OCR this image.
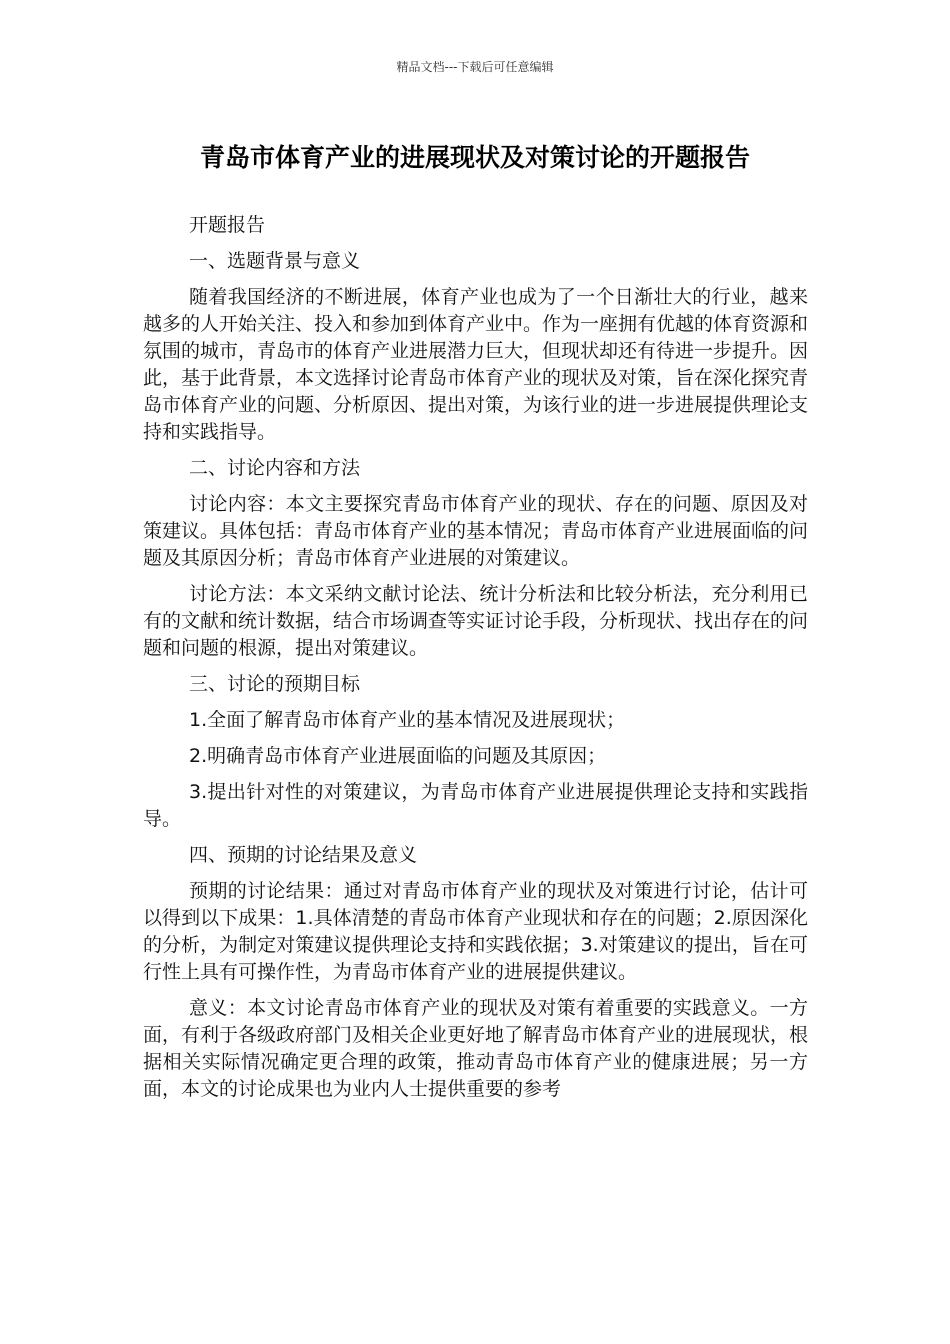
精品文档---下载后可任意编辑
青岛市体育产业的进展现状及对策讨论的开题报告

开题报告

一、选题背景与意义

随着我国经济的不断进展，体育产业也成为了一个日渐壮大的行业，越来越多的人开始关注、投入和参加到体育产业中。作为一座拥有优越的体育资源和氛围的城市，青岛市的体育产业进展潜力巨大，但现状却还有待进一步提升。因此，基于此背景，本文选择讨论青岛市体育产业的现状及对策，旨在深化探究青岛市体育产业的问题、分析原因、提出对策，为该行业的进一步进展提供理论支持和实践指导。

二、讨论内容和方法

讨论内容：本文主要探究青岛市体育产业的现状、存在的问题、原因及对策建议。具体包括：青岛市体育产业的基本情况；青岛市体育产业进展面临的问题及其原因分析；青岛市体育产业进展的对策建议。

讨论方法：本文采纳文献讨论法、统计分析法和比较分析法，充分利用已有的文献和统计数据，结合市场调查等实证讨论手段，分析现状、找出存在的问题和问题的根源，提出对策建议。

三、讨论的预期目标

1.全面了解青岛市体育产业的基本情况及进展现状；

2.明确青岛市体育产业进展面临的问题及其原因；

3.提出针对性的对策建议，为青岛市体育产业进展提供理论支持和实践指导。

四、预期的讨论结果及意义

预期的讨论结果：通过对青岛市体育产业的现状及对策进行讨论，估计可以得到以下成果：1.具体清楚的青岛市体育产业现状和存在的问题；2.原因深化的分析，为制定对策建议提供理论支持和实践依据；3.对策建议的提出，旨在可行性上具有可操作性，为青岛市体育产业的进展提供建议。

意义：本文讨论青岛市体育产业的现状及对策有着重要的实践意义。一方面，有利于各级政府部门及相关企业更好地了解青岛市体育产业的进展现状，根据相关实际情况确定更合理的政策，推动青岛市体育产业的健康进展；另一方面，本文的讨论成果也为业内人士提供重要的参考
